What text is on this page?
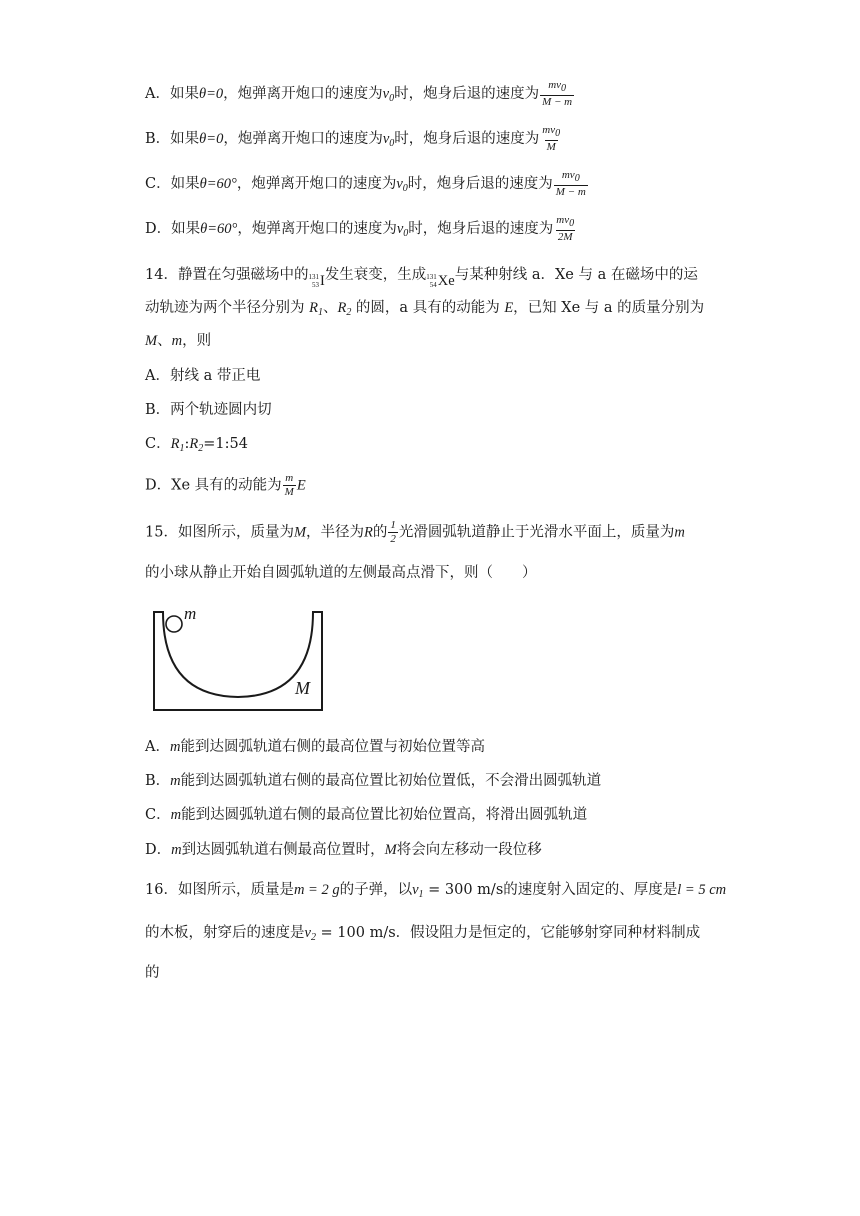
A．如果θ=0，炮弹离开炮口的速度为$v_0$时，炮身后退的速度为 $\frac{mv0}{M - m}$
B．如果θ=0，炮弹离开炮口的速度为$v_0$时，炮身后退的速度为 $\frac{mv0}{M}$
C．如果θ=60°，炮弹离开炮口的速度为$v_0$时，炮身后退的速度为 $\frac{mv0}{M - m}$
D．如果θ=60°，炮弹离开炮口的速度为$v_0$时，炮身后退的速度为 $\frac{mv0}{2M}$
14．静置在匀强磁场中的 131
53 I 发生衰变，生成 131
54 Xe 与某种射线 a．Xe 与 a 在磁场中的运
动轨迹为两个半径分别为 $R_1$、$R_2$ 的圆，a 具有的动能为 E，已知 Xe 与 a 的质量分别为
M、m，则
A．射线 a 带正电
B．两个轨迹圆内切
C．$R_1:R_2=1:54$
D．Xe 具有的动能为 $\frac{m}{M}$ E
15．如图所示，质量为M，半径为R的 $\frac{1}{2}$ 光滑圆弧轨道静止于光滑水平面上，质量为m
的小球从静止开始自圆弧轨道的左侧最高点滑下，则（　　）
m
M
A．m能到达圆弧轨道右侧的最高位置与初始位置等高
B．m能到达圆弧轨道右侧的最高位置比初始位置低，不会滑出圆弧轨道
C．m能到达圆弧轨道右侧的最高位置比初始位置高，将滑出圆弧轨道
D．m到达圆弧轨道右侧最高位置时，M将会向左移动一段位移
16．如图所示，质量是m = 2 g的子弹，以$v_1 = 300$ m/s的速度射入固定的、厚度是l = 5 cm
的木板，射穿后的速度是$v_2 = 100$ m/s．假设阻力是恒定的，它能够射穿同种材料制成
的
